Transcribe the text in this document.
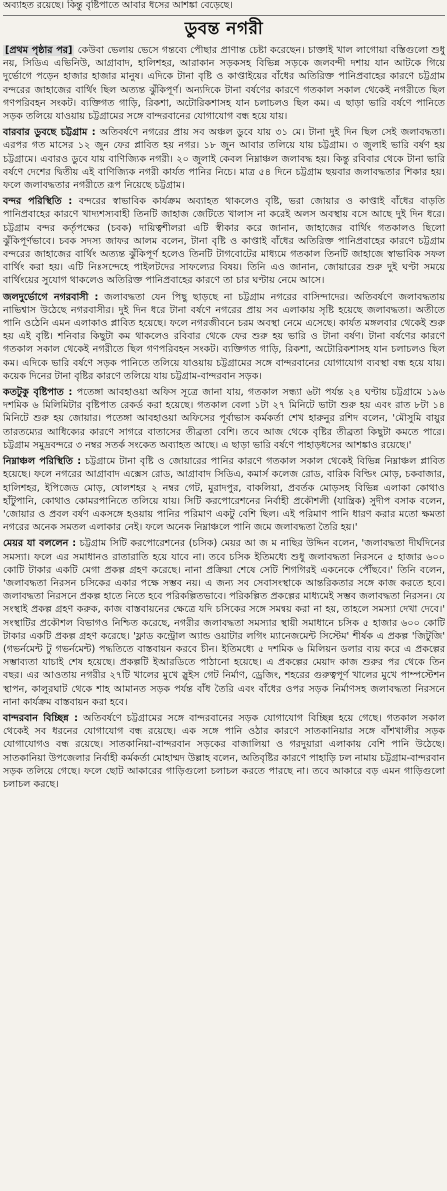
অব্যাহত রয়েছে। কিন্তু বৃষ্টিপাতে আবার ধসের আশঙ্কা বেড়েছে।
ডুবন্ত নগরী

[প্রথম পৃষ্ঠার পর] কেউবা ভেলায় ভেসে গন্তব্যে পৌছার প্রাণান্ত চেষ্টা করেছেন। চাক্তাই খাল লাগোয়া বস্তিগুলো শুধু নয়, সিডিএ এভিনিউ, আগ্রাবাদ, হালিশহর, আরাকান সড়কসহ বিভিন্ন সড়কে জলবন্দী দশায় যান আটকে গিয়ে দুর্ভোগে পড়েন হাজার হাজার মানুষ। এদিকে টানা বৃষ্টি ও কাপ্তাইয়ের বাঁধের অতিরিক্ত পানিপ্রবাহের কারণে চট্টগ্রাম বন্দরের জাহাজের বার্থিং ছিল অত্যন্ত ঝুঁকিপূর্ণ। অন্যদিকে টানা বর্ষণের কারণে গতকাল সকাল থেকেই নগরীতে ছিল গণপরিবহন সংকট। ব্যক্তিগত গাড়ি, রিকশা, অটোরিকশাসহ যান চলাচলও ছিল কম। এ ছাড়া ভারি বর্ষণে পানিতে সড়ক তলিয়ে যাওয়ায় চট্টগ্রামের সঙ্গে বান্দরবানের যোগাযোগ বন্ধ হয়ে যায়।

বারবার ডুবছে চট্টগ্রাম : অতিবর্ষণে নগরের প্রায় সব অঞ্চল ডুবে যায় ৩১ মে। টানা দুই দিন ছিল সেই জলাবদ্ধতা। এরপর গত মাসের ১২ জুন ফের প্লাবিত হয় নগর। ১৮ জুন আবার তলিয়ে যায় চট্টগ্রাম। ৩ জুলাই ভারি বর্ষণ হয় চট্টগ্রামে। এবারও ডুবে যায় বাণিজ্যিক নগরী। ২০ জুলাই কেবল নিম্নাঞ্চল জলাবদ্ধ হয়। কিন্তু রবিবার থেকে টানা ভারি বর্ষণে দেশের দ্বিতীয় এই বাণিজ্যিক নগরী কার্যত পানির নিচে। মাত্র ৫৪ দিনে চট্টগ্রাম ছয়বার জলাবদ্ধতার শিকার হয়। ফলে জলাবদ্ধতার নগরীতে রূপ নিয়েছে চট্টগ্রাম।

বন্দর পরিস্থিতি : বন্দরের স্বাভাবিক কার্যক্রম অব্যাহত থাকলেও বৃষ্টি, ভরা জোয়ার ও কাপ্তাই বাঁধের বাড়তি পানিপ্রবাহের কারণে খাদ্যশস্যবাহী তিনটি জাহাজ জেটিতে খালাস না করেই অলস অবস্থায় বসে আছে দুই দিন ধরে। চট্টগ্রাম বন্দর কর্তৃপক্ষের (চবক) দায়িত্বশীলরা এটি স্বীকার করে জানান, জাহাজের বার্থিং গতকালও ছিলো ঝুঁকিপূর্ণভাবে। চবক সদস্য জাফর আলম বলেন, টানা বৃষ্টি ও কাপ্তাই বাঁধের অতিরিক্ত পানিপ্রবাহের কারণে চট্টগ্রাম বন্দরের জাহাজের বার্থিং অত্যন্ত ঝুঁকিপূর্ণ হলেও তিনটি টাগবোটের মাধ্যমে গতকাল তিনটি জাহাজে স্বাভাবিক সফল বার্থিং করা হয়। এটি নিঃসন্দেহে পাইলটদের সাফল্যের বিষয়। তিনি এও জানান, জোয়ারের শুরু দুই ঘণ্টা সময়ে বার্থিংয়ের সুযোগ থাকলেও অতিরিক্ত পানিপ্রবাহের কারণে তা চার ঘণ্টায় নেমে আসে।

জলদুর্ভোগে নগরবাসী : জলাবদ্ধতা যেন পিছু ছাড়ছে না চট্টগ্রাম নগরের বাসিন্দাদের। অতিবর্ষণে জলাবদ্ধতায় নাভিশ্বাস উঠেছে নগরবাসীর। দুই দিন ধরে টানা বর্ষণে নগরের প্রায় সব এলাকায় সৃষ্টি হয়েছে জলাবদ্ধতা। অতীতে পানি ওঠেনি এমন এলাকাও প্লাবিত হয়েছে। ফলে নগরজীবনে চরম অবস্থা নেমে এসেছে। কার্যত মঙ্গলবার থেকেই শুরু হয় এই বৃষ্টি। শনিবার কিছুটা কম থাকলেও রবিবার থেকে ফের শুরু হয় ভারি ও টানা বর্ষণ। টানা বর্ষণের কারণে গতকাল সকাল থেকেই নগরীতে ছিল গণপরিবহন সংকট। ব্যক্তিগত গাড়ি, রিকশা, অটোরিকশাসহ যান চলাচলও ছিল কম। এদিকে ভারি বর্ষণে সড়ক পানিতে তলিয়ে যাওয়ায় চট্টগ্রামের সঙ্গে বান্দরবানের যোগাযোগ ব্যবস্থা বন্ধ হয়ে যায়। কয়েক দিনের টানা বৃষ্টির কারণে তলিয়ে যায় চট্টগ্রাম-বান্দরবান সড়ক।

কতটুকু বৃষ্টিপাত : পতেঙ্গা আবহাওয়া অফিস সূত্রে জানা যায়, গতকাল সন্ধ্যা ৬টা পর্যন্ত ২৪ ঘণ্টায় চট্টগ্রামে ১৯৬ দশমিক ৬ মিলিমিটার বৃষ্টিপাত রেকর্ড করা হয়েছে। গতকাল বেলা ১টা ২৭ মিনিটে ভাটা শুরু হয় এবং রাত ৮টা ১৪ মিনিটে শুরু হয় জোয়ার। পতেঙ্গা আবহাওয়া অফিসের পূর্বাভাস কর্মকর্তা শেখ হারুনুর রশিদ বলেন, 'মৌসুমি বায়ুর তারতম্যের আধিক্যের কারণে সাগরে বাতাসের তীব্রতা বেশি। তবে আজ থেকে বৃষ্টির তীব্রতা কিছুটা কমতে পারে। চট্টগ্রাম সমুদ্রবন্দরে ৩ নম্বর সতর্ক সংকেত অব্যাহত আছে। এ ছাড়া ভারি বর্ষণে পাহাড়ধসের আশঙ্কাও রয়েছে।'

নিম্নাঞ্চল পরিস্থিতি : চট্টগ্রামে টানা বৃষ্টি ও জোয়ারের পানির কারণে গতকাল সকাল থেকেই বিভিন্ন নিম্নাঞ্চল প্লাবিত হয়েছে। ফলে নগরের আগ্রাবাদ এক্সেস রোড, আগ্রাবাদ সিডিএ, কমার্স কলেজ রোড, বারিক বিল্ডিং মোড়, চকবাজার, হালিশহর, ইপিজেড মোড়, ষোলশহর ২ নম্বর গেট, মুরাদপুর, বাকলিয়া, প্রবর্তক মোড়সহ বিভিন্ন এলাকা কোথাও হাঁটুপানি, কোথাও কোমরপানিতে তলিয়ে যায়। সিটি করপোরেশনের নির্বাহী প্রকৌশলী (যান্ত্রিক) সুদীপ বসাক বলেন, 'জোয়ার ও প্রবল বর্ষণ একসঙ্গে হওয়ায় পানির পরিমাণ একটু বেশি ছিল। এই পরিমাণ পানি ধারণ করার মতো ক্ষমতা নগরের অনেক সমতল এলাকার নেই। ফলে অনেক নিম্নাঞ্চলে পানি জমে জলাবদ্ধতা তৈরি হয়।'

মেয়র যা বললেন : চট্টগ্রাম সিটি করপোরেশনের (চসিক) মেয়র আ জ ম নাছির উদ্দিন বলেন, 'জলাবদ্ধতা দীর্ঘদিনের সমস্যা। ফলে এর সমাধানও রাতারাতি হয়ে যাবে না। তবে চসিক ইতিমধ্যে শুধু জলাবদ্ধতা নিরসনে ৫ হাজার ৬০০ কোটি টাকার একটি মেগা প্রকল্প গ্রহণ করেছে। নানা প্রক্রিয়া শেষে সেটি শিগগিরই একনেকে পৌঁছবে।' তিনি বলেন, 'জলাবদ্ধতা নিরসন চসিকের একার পক্ষে সম্ভব নয়। এ জন্য সব সেবাসংস্থাকে আন্তরিকতার সঙ্গে কাজ করতে হবে। জলাবদ্ধতা নিরসনে প্রকল্প হাতে নিতে হবে পরিকল্পিতভাবে। পরিকল্পিত প্রকল্পের মাধ্যমেই সম্ভব জলাবদ্ধতা নিরসন। যে সংস্থাই প্রকল্প গ্রহণ করুক, কাজ বাস্তবায়নের ক্ষেত্রে যদি চসিকের সঙ্গে সমন্বয় করা না হয়, তাহলে সমস্যা দেখা দেবে।' সংস্থাটির প্রকৌশল বিভাগও নিশ্চিত করেছে, নগরীর জলাবদ্ধতা সমস্যার স্থায়ী সমাধানে চসিক ৫ হাজার ৬০০ কোটি টাকার একটি প্রকল্প গ্রহণ করেছে। 'ফ্লাড কন্ট্রোল অ্যান্ড ওয়াটার লগিং ম্যানেজমেন্ট সিস্টেম' শীর্ষক এ প্রকল্প 'জিটুজি' (গভর্নমেন্ট টু গভর্নমেন্ট) পদ্ধতিতে বাস্তবায়ন করবে চীন। ইতিমধ্যে ৫ দশমিক ৬ মিলিয়ন ডলার ব্যয় করে এ প্রকল্পের সম্ভাব্যতা যাচাই শেষ হয়েছে। প্রকল্পটি ইআরডিতে পাঠানো হয়েছে। এ প্রকল্পের মেয়াদ কাজ শুরুর পর থেকে তিন বছর। এর আওতায় নগরীর ২৭টি খালের মুখে স্লুইস গেট নির্মাণ, ড্রেজিং, শহরের গুরুত্বপূর্ণ খালের মুখে পাম্পস্টেশন স্থাপন, কালুরঘাট থেকে শাহ আমানত সড়ক পর্যন্ত বাঁধ তৈরি এবং বাঁধের ওপর সড়ক নির্মাণসহ জলাবদ্ধতা নিরসনে নানা কার্যক্রম বাস্তবায়ন করা হবে।

বান্দরবান বিচ্ছিন্ন : অতিবর্ষণে চট্টগ্রামের সঙ্গে বান্দরবানের সড়ক যোগাযোগ বিচ্ছিন্ন হয়ে গেছে। গতকাল সকাল থেকেই সব ধরনের যোগাযোগ বন্ধ রয়েছে। এক সঙ্গে পানি ওঠার কারণে সাতকানিয়ার সঙ্গে বাঁশখালীর সড়ক যোগাযোগও বন্ধ রয়েছে। সাতকানিয়া-বান্দরবান সড়কের বাজালিয়া ও গরদুয়ারা এলাকায় বেশি পানি উঠেছে। সাতকানিয়া উপজেলার নির্বাহী কর্মকর্তা মোহাম্মদ উল্লাহ বলেন, অতিবৃষ্টির কারণে পাহাড়ি ঢল নামায় চট্টগ্রাম-বান্দরবান সড়ক তলিয়ে গেছে। ফলে ছোট আকারের গাড়িগুলো চলাচল করতে পারছে না। তবে আকারে বড় এমন গাড়িগুলো চলাচল করছে।
